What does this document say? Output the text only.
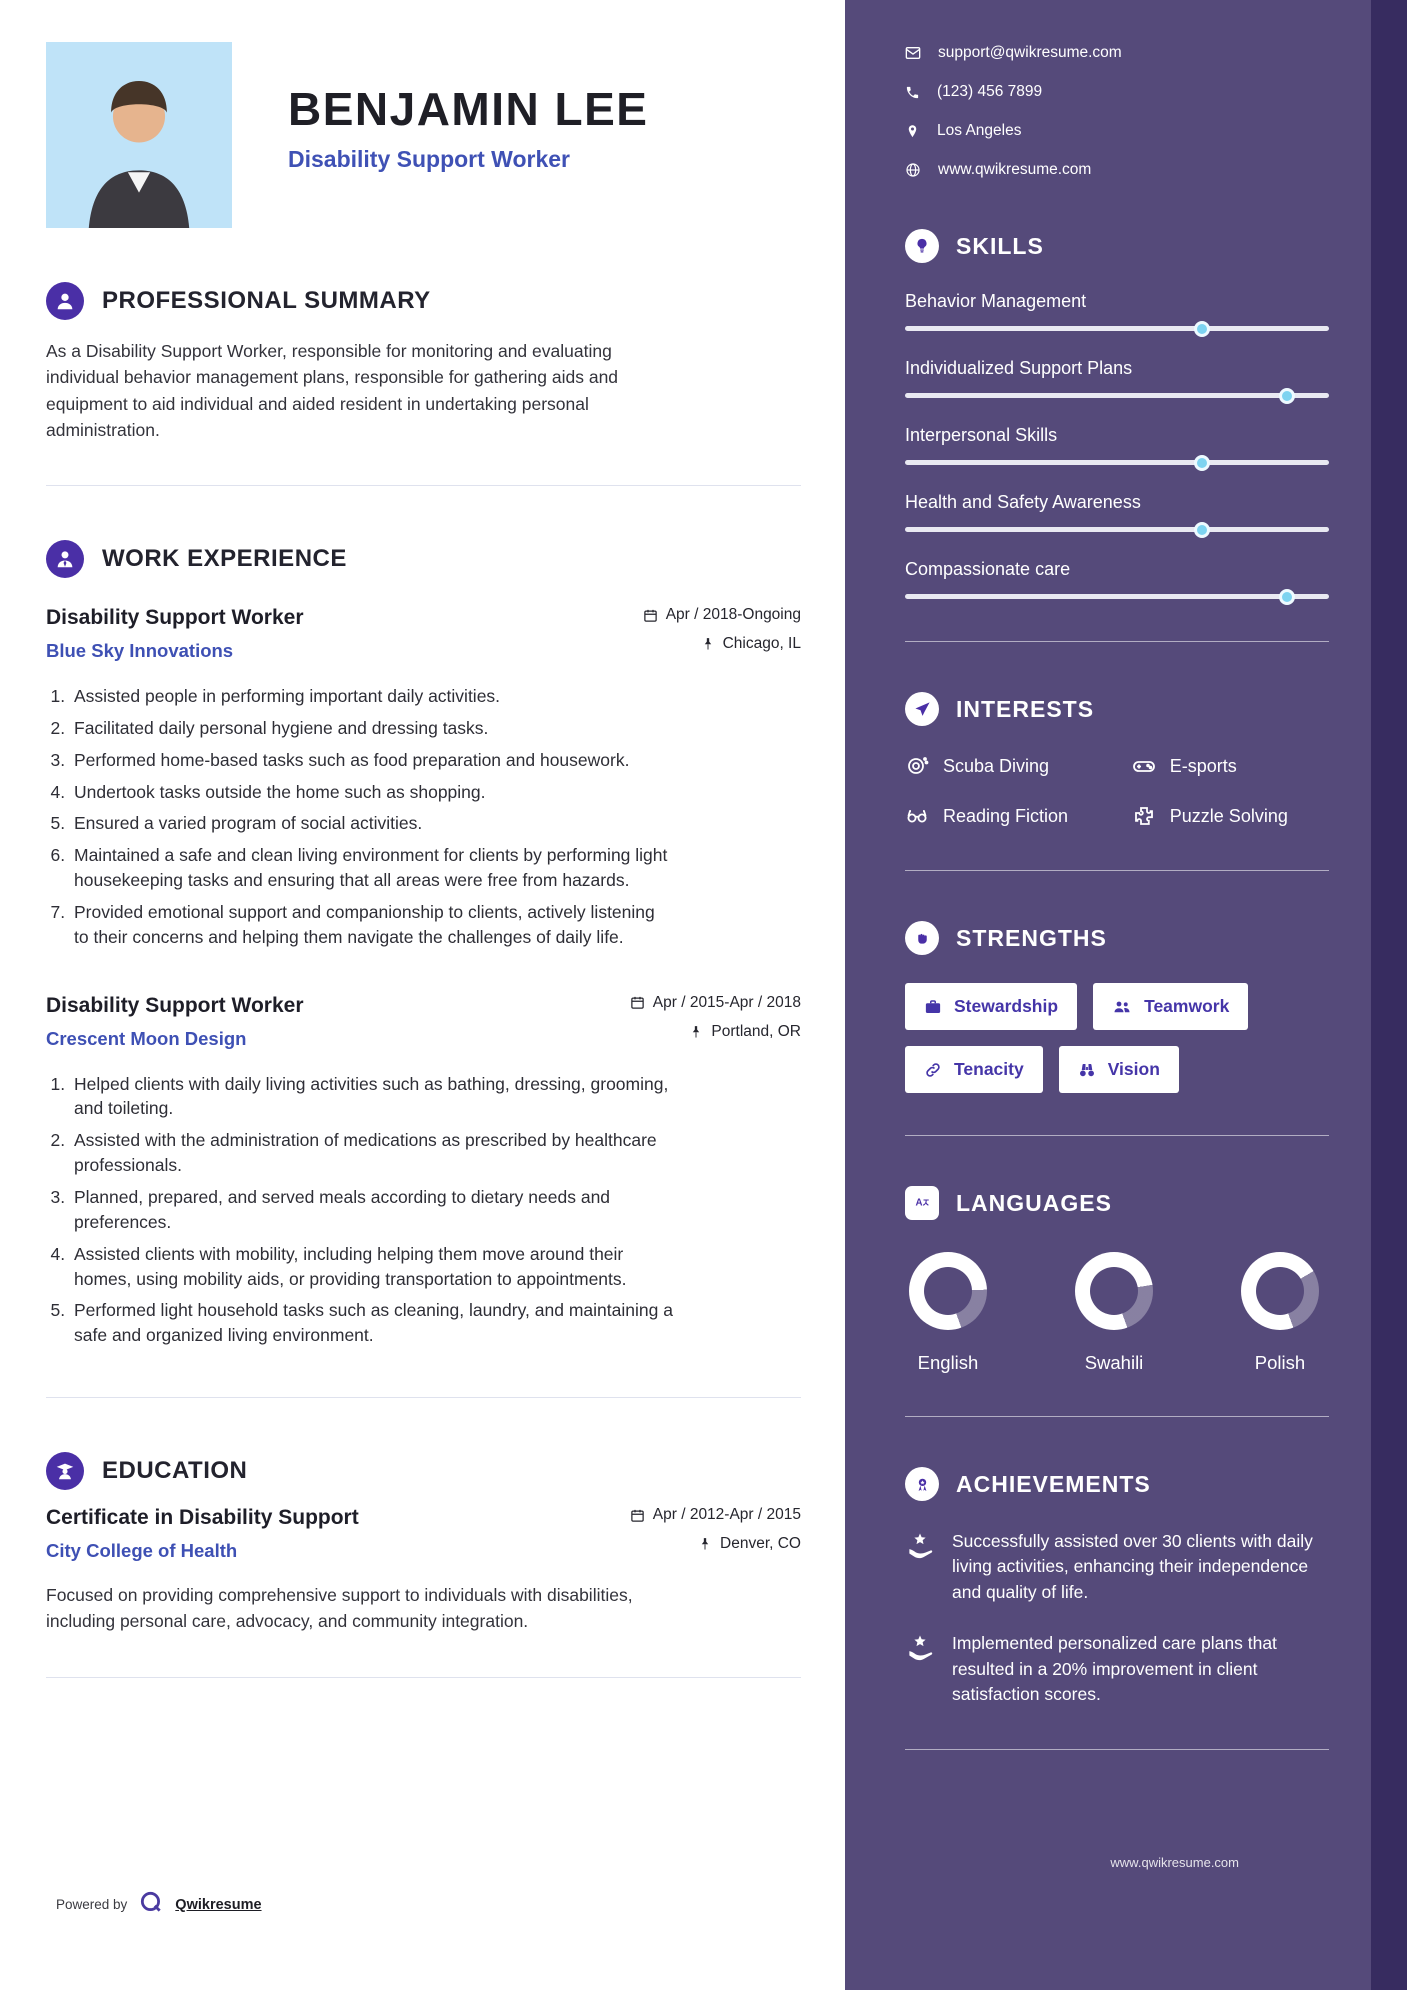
BENJAMIN LEE
Disability Support Worker
PROFESSIONAL SUMMARY

As a Disability Support Worker, responsible for monitoring and evaluating individual behavior management plans, responsible for gathering aids and equipment to aid individual and aided resident in undertaking personal administration.

WORK EXPERIENCE
Disability Support Worker
Blue Sky Innovations
Apr / 2018-Ongoing
Chicago, IL
1. Assisted people in performing important daily activities.
2. Facilitated daily personal hygiene and dressing tasks.
3. Performed home-based tasks such as food preparation and housework.
4. Undertook tasks outside the home such as shopping.
5. Ensured a varied program of social activities.
6. Maintained a safe and clean living environment for clients by performing light housekeeping tasks and ensuring that all areas were free from hazards.
7. Provided emotional support and companionship to clients, actively listening to their concerns and helping them navigate the challenges of daily life.
Disability Support Worker
Crescent Moon Design
Apr / 2015-Apr / 2018
Portland, OR
1. Helped clients with daily living activities such as bathing, dressing, grooming, and toileting.
2. Assisted with the administration of medications as prescribed by healthcare professionals.
3. Planned, prepared, and served meals according to dietary needs and preferences.
4. Assisted clients with mobility, including helping them move around their homes, using mobility aids, or providing transportation to appointments.
5. Performed light household tasks such as cleaning, laundry, and maintaining a safe and organized living environment.
EDUCATION
Certificate in Disability Support
City College of Health
Apr / 2012-Apr / 2015
Denver, CO

Focused on providing comprehensive support to individuals with disabilities, including personal care, advocacy, and community integration.

Powered by	Qwikresume
support@qwikresume.com
(123) 456 7899
Los Angeles
www.qwikresume.com
SKILLS
Behavior Management
Individualized Support Plans
Interpersonal Skills
Health and Safety Awareness
Compassionate care
INTERESTS
Scuba Diving	E-sports
Reading Fiction	Puzzle Solving
STRENGTHS
Stewardship	Teamwork
Tenacity	Vision
A LANGUAGES
English	Swahili	Polish
ACHIEVEMENTS

Successfully assisted over 30 clients with daily living activities, enhancing their independence and quality of life.

Implemented personalized care plans that resulted in a 20% improvement in client satisfaction scores.

www.qwikresume.com
